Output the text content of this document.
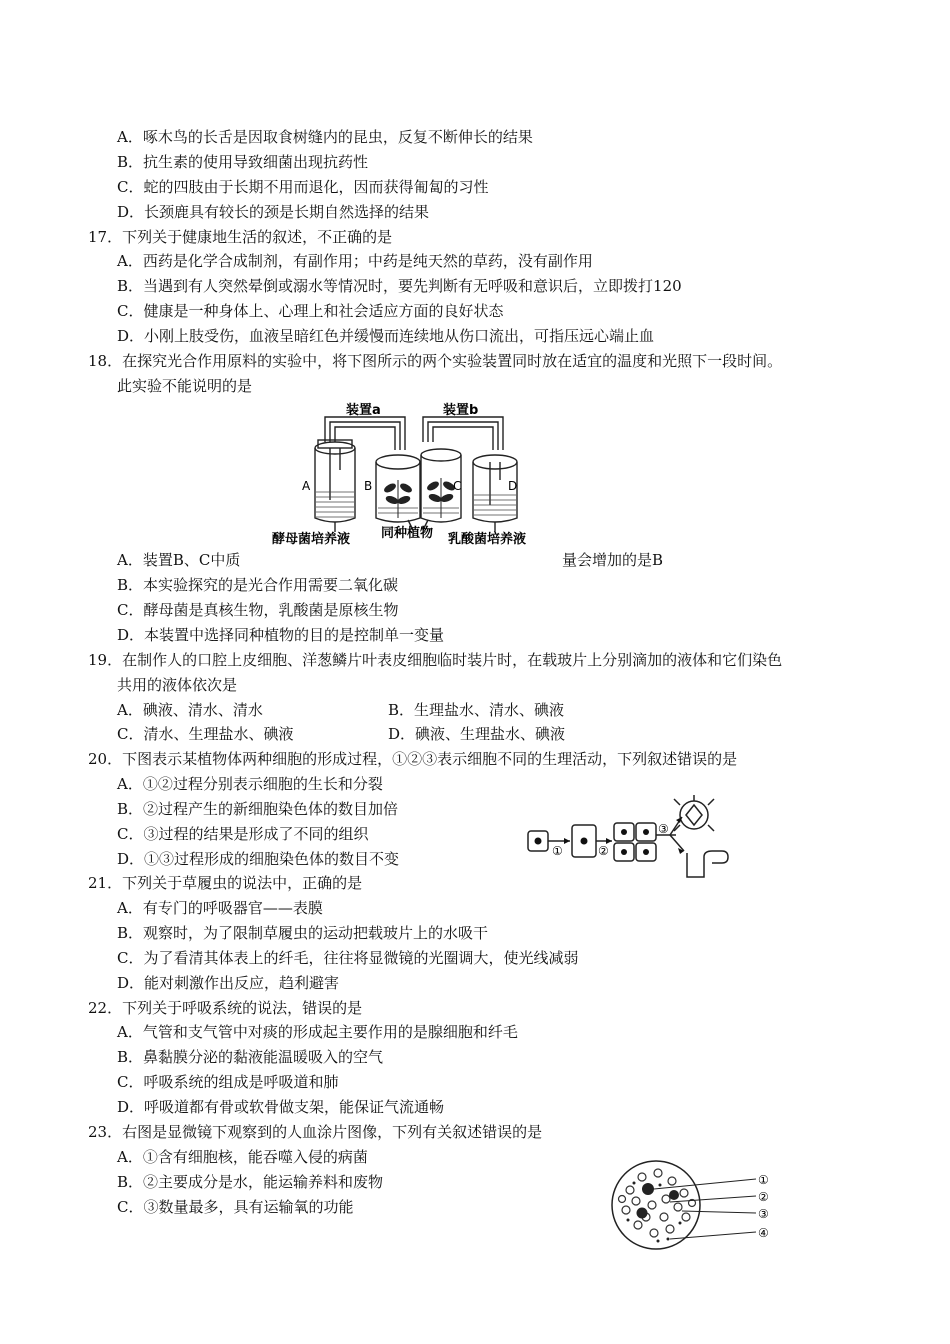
A．啄木鸟的长舌是因取食树缝内的昆虫，反复不断伸长的结果
B．抗生素的使用导致细菌出现抗药性
C．蛇的四肢由于长期不用而退化，因而获得匍匐的习性
D．长颈鹿具有较长的颈是长期自然选择的结果
17．下列关于健康地生活的叙述，不正确的是
A．西药是化学合成制剂，有副作用；中药是纯天然的草药，没有副作用
B．当遇到有人突然晕倒或溺水等情况时，要先判断有无呼吸和意识后，立即拨打120
C．健康是一种身体上、心理上和社会适应方面的良好状态
D．小刚上肢受伤，血液呈暗红色并缓慢而连续地从伤口流出，可指压远心端止血
18．在探究光合作用原料的实验中，将下图所示的两个实验装置同时放在适宜的温度和光照下一段时间。
此实验不能说明的是
装置a	装置b
A	B	C	D
酵母菌培养液 同种植物 乳酸菌培养液
A．装置B、C中质	量会增加的是B
B．本实验探究的是光合作用需要二氧化碳
C．酵母菌是真核生物，乳酸菌是原核生物
D．本装置中选择同种植物的目的是控制单一变量
19．在制作人的口腔上皮细胞、洋葱鳞片叶表皮细胞临时装片时，在载玻片上分别滴加的液体和它们染色
共用的液体依次是
A．碘液、清水、清水	B．生理盐水、清水、碘液
C．清水、生理盐水、碘液	D．碘液、生理盐水、碘液
20．下图表示某植物体两种细胞的形成过程，①②③表示细胞不同的生理活动，下列叙述错误的是
A．①②过程分别表示细胞的生长和分裂
B．②过程产生的新细胞染色体的数目加倍
C．③过程的结果是形成了不同的组织
D．①③过程形成的细胞染色体的数目不变	①	②
③
21．下列关于草履虫的说法中，正确的是
A．有专门的呼吸器官——表膜
B．观察时，为了限制草履虫的运动把载玻片上的水吸干
C．为了看清其体表上的纤毛，往往将显微镜的光圈调大，使光线减弱
D．能对刺激作出反应，趋利避害
22．下列关于呼吸系统的说法，错误的是
A．气管和支气管中对痰的形成起主要作用的是腺细胞和纤毛
B．鼻黏膜分泌的黏液能温暖吸入的空气
C．呼吸系统的组成是呼吸道和肺
D．呼吸道都有骨或软骨做支架，能保证气流通畅
23．右图是显微镜下观察到的人血涂片图像，下列有关叙述错误的是
A．①含有细胞核，能吞噬入侵的病菌
B．②主要成分是水，能运输养料和废物
C．③数量最多，具有运输氧的功能
①
②
③
④
